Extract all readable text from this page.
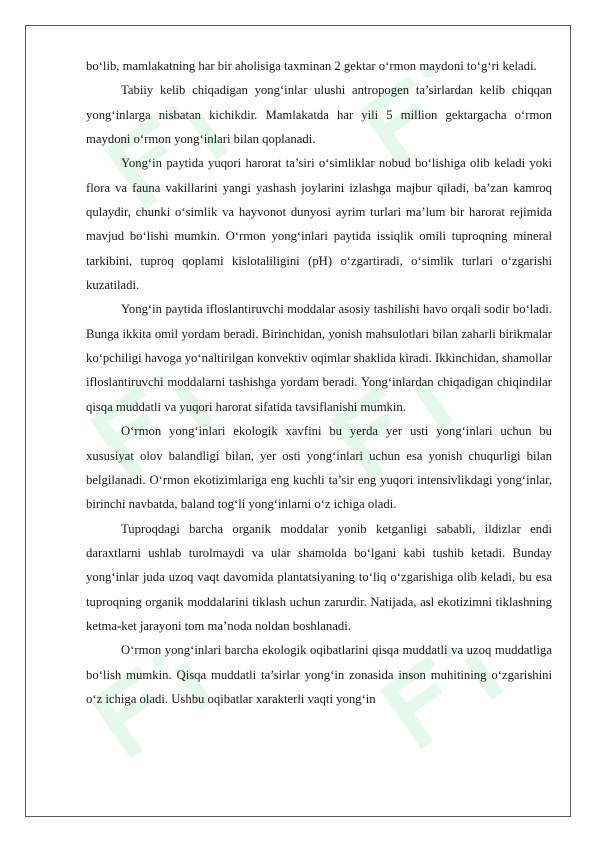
bo‘lib, mamlakatning har bir aholisiga taxminan 2 gektar o‘rmon maydoni to‘g‘ri keladi.

Tabiiy kelib chiqadigan yong‘inlar ulushi antropogen ta’sirlardan kelib chiqqan yong‘inlarga nisbatan kichikdir. Mamlakatda har yili 5 million gektargacha o‘rmon maydoni o‘rmon yong‘inlari bilan qoplanadi.

Yong‘in paytida yuqori harorat ta’siri o‘simliklar nobud bo‘lishiga olib keladi yoki flora va fauna vakillarini yangi yashash joylarini izlashga majbur qiladi, ba’zan kamroq qulaydir, chunki o‘simlik va hayvonot dunyosi ayrim turlari ma’lum bir harorat rejimida mavjud bo‘lishi mumkin. O‘rmon yong‘inlari paytida issiqlik omili tuproqning mineral tarkibini, tuproq qoplami kislotaliligini (pH) o‘zgartiradi, o‘simlik turlari o‘zgarishi kuzatiladi.

Yong‘in paytida ifloslantiruvchi moddalar asosiy tashilishi havo orqali sodir bo‘ladi. Bunga ikkita omil yordam beradi. Birinchidan, yonish mahsulotlari bilan zaharli birikmalar ko‘pchiligi havoga yo‘naltirilgan konvektiv oqimlar shaklida kiradi. Ikkinchidan, shamollar ifloslantiruvchi moddalarni tashishga yordam beradi. Yong‘inlardan chiqadigan chiqindilar qisqa muddatli va yuqori harorat sifatida tavsiflanishi mumkin.

O‘rmon yong‘inlari ekologik xavfini bu yerda yer usti yong‘inlari uchun bu xususiyat olov balandligi bilan, yer osti yong‘inlari uchun esa yonish chuqurligi bilan belgilanadi. O‘rmon ekotizimlariga eng kuchli ta’sir eng yuqori intensivlikdagi yong‘inlar, birinchi navbatda, baland tog‘li yong‘inlarni o‘z ichiga oladi.

Tuproqdagi barcha organik moddalar yonib ketganligi sababli, ildizlar endi daraxtlarni ushlab turolmaydi va ular shamolda bo‘lgani kabi tushib ketadi. Bunday yong‘inlar juda uzoq vaqt davomida plantatsiyaning to‘liq o‘zgarishiga olib keladi, bu esa tuproqning organik moddalarini tiklash uchun zarurdir. Natijada, asl ekotizimni tiklashning ketma-ket jarayoni tom ma’noda noldan boshlanadi.

O‘rmon yong‘inlari barcha ekologik oqibatlarini qisqa muddatli va uzoq muddatliga bo‘lish mumkin. Qisqa muddatli ta’sirlar yong‘in zonasida inson muhitining o‘zgarishini o‘z ichiga oladi. Ushbu oqibatlar xarakterli vaqti yong‘in
